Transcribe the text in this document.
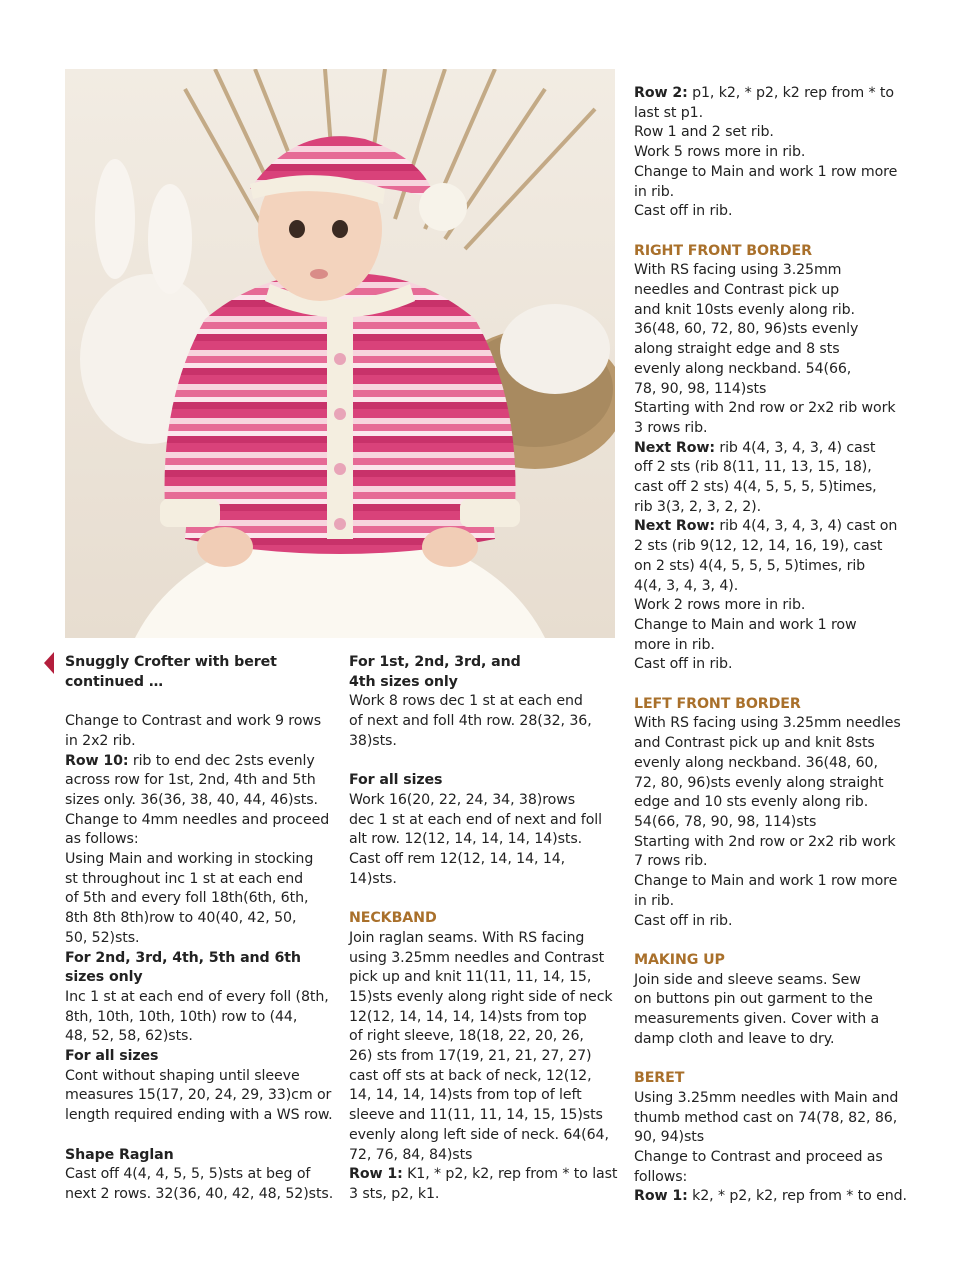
Snuggly Crofter with beret

continued …

Change to Contrast and work 9 rows

in 2x2 rib.

Row 10: rib to end dec 2sts evenly

across row for 1st, 2nd, 4th and 5th

sizes only. 36(36, 38, 40, 44, 46)sts.

Change to 4mm needles and proceed

as follows:

Using Main and working in stocking

st throughout inc 1 st at each end

of 5th and every foll 18th(6th, 6th,

8th 8th 8th)row to 40(40, 42, 50,

50, 52)sts.

For 2nd, 3rd, 4th, 5th and 6th

sizes only

Inc 1 st at each end of every foll (8th,

8th, 10th, 10th, 10th) row to (44,

48, 52, 58, 62)sts.

For all sizes

Cont without shaping until sleeve

measures 15(17, 20, 24, 29, 33)cm or

length required ending with a WS row.

Shape Raglan

Cast off 4(4, 4, 5, 5, 5)sts at beg of

next 2 rows. 32(36, 40, 42, 48, 52)sts.

For 1st, 2nd, 3rd, and

4th sizes only

Work 8 rows dec 1 st at each end

of next and foll 4th row. 28(32, 36,

38)sts.

For all sizes

Work 16(20, 22, 24, 34, 38)rows

dec 1 st at each end of next and foll

alt row. 12(12, 14, 14, 14, 14)sts.

Cast off rem 12(12, 14, 14, 14,

14)sts.

NECKBAND

Join raglan seams. With RS facing

using 3.25mm needles and Contrast

pick up and knit 11(11, 11, 14, 15,

15)sts evenly along right side of neck

12(12, 14, 14, 14, 14)sts from top

of right sleeve, 18(18, 22, 20, 26,

26) sts from 17(19, 21, 21, 27, 27)

cast off sts at back of neck, 12(12,

14, 14, 14, 14)sts from top of left

sleeve and 11(11, 11, 14, 15, 15)sts

evenly along left side of neck. 64(64,

72, 76, 84, 84)sts

Row 1: K1, * p2, k2, rep from * to last

3 sts, p2, k1.

Row 2: p1, k2, * p2, k2 rep from * to

last st p1.

Row 1 and 2 set rib.

Work 5 rows more in rib.

Change to Main and work 1 row more

in rib.

Cast off in rib.

RIGHT FRONT BORDER

With RS facing using 3.25mm

needles and Contrast pick up

and knit 10sts evenly along rib.

36(48, 60, 72, 80, 96)sts evenly

along straight edge and 8 sts

evenly along neckband. 54(66,

78, 90, 98, 114)sts

Starting with 2nd row or 2x2 rib work

3 rows rib.

Next Row: rib 4(4, 3, 4, 3, 4) cast

off 2 sts (rib 8(11, 11, 13, 15, 18),

cast off 2 sts) 4(4, 5, 5, 5, 5)times,

rib 3(3, 2, 3, 2, 2).

Next Row: rib 4(4, 3, 4, 3, 4) cast on

2 sts (rib 9(12, 12, 14, 16, 19), cast

on 2 sts) 4(4, 5, 5, 5, 5)times, rib

4(4, 3, 4, 3, 4).

Work 2 rows more in rib.

Change to Main and work 1 row

more in rib.

Cast off in rib.

LEFT FRONT BORDER

With RS facing using 3.25mm needles

and Contrast pick up and knit 8sts

evenly along neckband. 36(48, 60,

72, 80, 96)sts evenly along straight

edge and 10 sts evenly along rib.

54(66, 78, 90, 98, 114)sts

Starting with 2nd row or 2x2 rib work

7 rows rib.

Change to Main and work 1 row more

in rib.

Cast off in rib.

MAKING UP

Join side and sleeve seams. Sew

on buttons pin out garment to the

measurements given. Cover with a

damp cloth and leave to dry.

BERET

Using 3.25mm needles with Main and

thumb method cast on 74(78, 82, 86,

90, 94)sts

Change to Contrast and proceed as

follows:

Row 1: k2, * p2, k2, rep from * to end.
